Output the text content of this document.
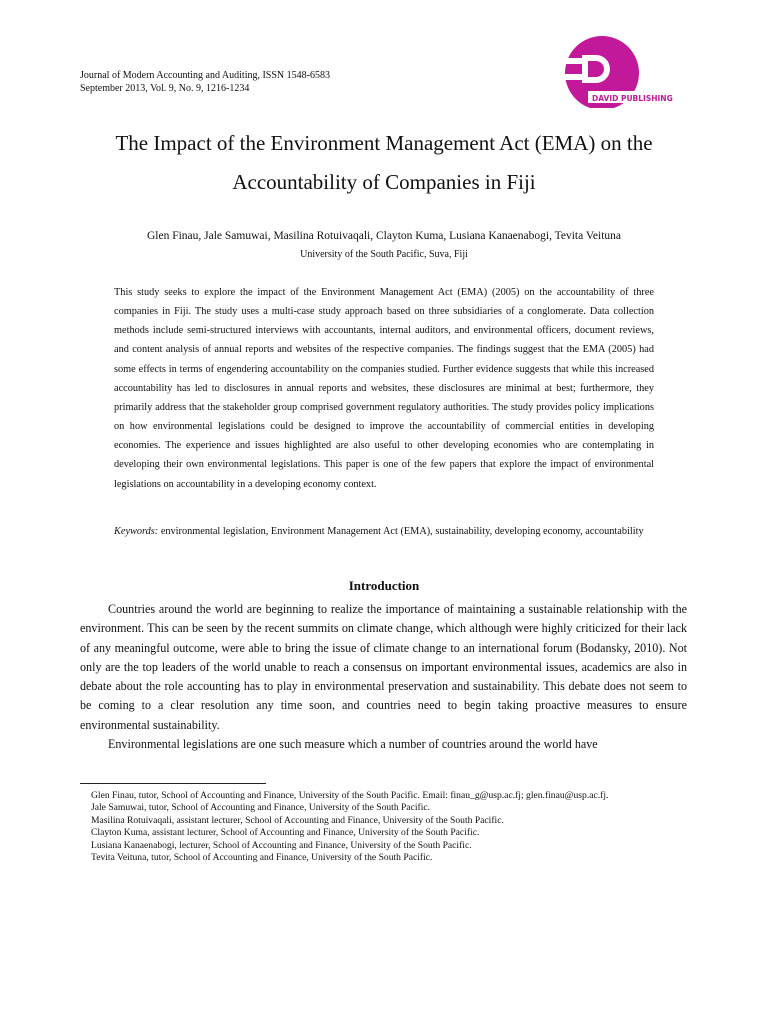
Journal of Modern Accounting and Auditing, ISSN 1548-6583
September 2013, Vol. 9, No. 9, 1216-1234
DAVID PUBLISHING
The Impact of the Environment Management Act (EMA) on the
Accountability of Companies in Fiji
Glen Finau, Jale Samuwai, Masilina Rotuivaqali, Clayton Kuma, Lusiana Kanaenabogi, Tevita Veituna
University of the South Pacific, Suva, Fiji
This study seeks to explore the impact of the Environment Management Act (EMA) (2005) on the accountability of three companies in Fiji. The study uses a multi-case study approach based on three subsidiaries of a conglomerate. Data collection methods include semi-structured interviews with accountants, internal auditors, and environmental officers, document reviews, and content analysis of annual reports and websites of the respective companies. The findings suggest that the EMA (2005) had some effects in terms of engendering accountability on the companies studied. Further evidence suggests that while this increased accountability has led to disclosures in annual reports and websites, these disclosures are minimal at best; furthermore, they primarily address that the stakeholder group comprised government regulatory authorities. The study provides policy implications on how environmental legislations could be designed to improve the accountability of commercial entities in developing economies. The experience and issues highlighted are also useful to other developing economies who are contemplating in developing their own environmental legislations. This paper is one of the few papers that explore the impact of environmental legislations on accountability in a developing economy context.
Keywords: environmental legislation, Environment Management Act (EMA), sustainability, developing economy, accountability
Introduction

Countries around the world are beginning to realize the importance of maintaining a sustainable relationship with the environment. This can be seen by the recent summits on climate change, which although were highly criticized for their lack of any meaningful outcome, were able to bring the issue of climate change to an international forum (Bodansky, 2010). Not only are the top leaders of the world unable to reach a consensus on important environmental issues, academics are also in debate about the role accounting has to play in environmental preservation and sustainability. This debate does not seem to be coming to a clear resolution any time soon, and countries need to begin taking proactive measures to ensure environmental sustainability.

Environmental legislations are one such measure which a number of countries around the world have

Glen Finau, tutor, School of Accounting and Finance, University of the South Pacific. Email: finau_g@usp.ac.fj; glen.finau@usp.ac.fj.
Jale Samuwai, tutor, School of Accounting and Finance, University of the South Pacific.
Masilina Rotuivaqali, assistant lecturer, School of Accounting and Finance, University of the South Pacific.
Clayton Kuma, assistant lecturer, School of Accounting and Finance, University of the South Pacific.
Lusiana Kanaenabogi, lecturer, School of Accounting and Finance, University of the South Pacific.
Tevita Veituna, tutor, School of Accounting and Finance, University of the South Pacific.
